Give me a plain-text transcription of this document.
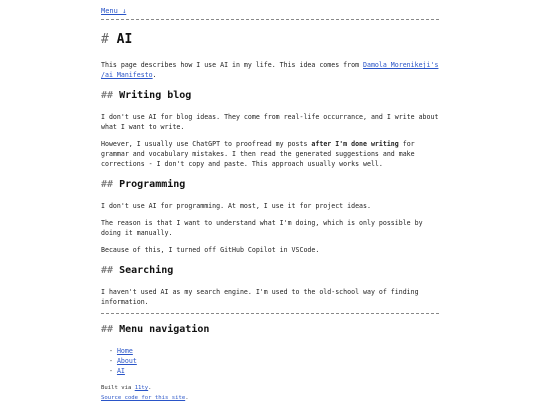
Menu ↓
# AI

This page describes how I use AI in my life. This idea comes from Damola Morenikeji's /ai Manifesto.

## Writing blog

I don't use AI for blog ideas. They come from real-life occurrance, and I write about what I want to write.

However, I usually use ChatGPT to proofread my posts after I'm done writing for grammar and vocabulary mistakes. I then read the generated suggestions and make corrections - I don't copy and paste. This approach usually works well.

## Programming

I don't use AI for programming. At most, I use it for project ideas.

The reason is that I want to understand what I'm doing, which is only possible by doing it manually.

Because of this, I turned off GitHub Copilot in VSCode.

## Searching

I haven't used AI as my search engine. I'm used to the old-school way of finding information.

## Menu navigation
- Home
- About
- AI
Built via 11ty.
Source code for this site.
